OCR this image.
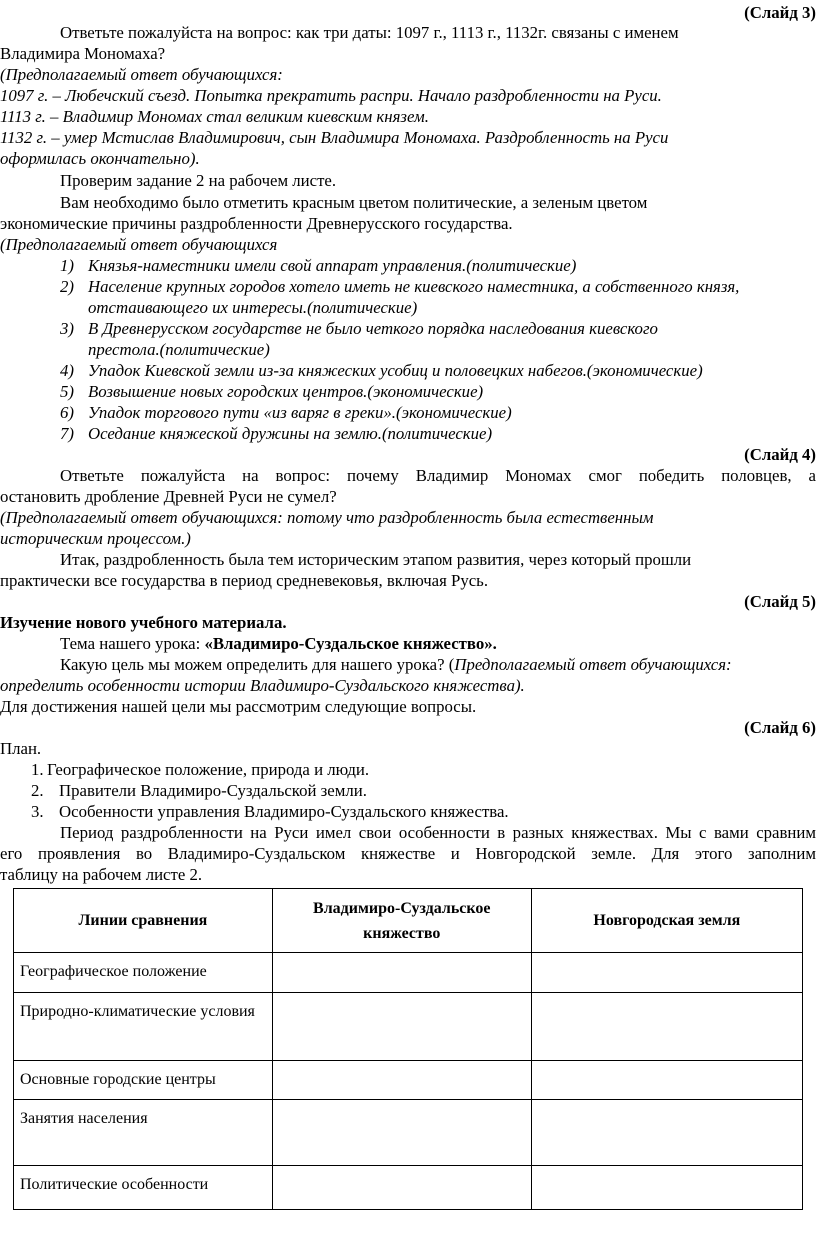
(Слайд 3)
Ответьте пожалуйста на вопрос: как три даты: 1097 г., 1113 г., 1132г. связаны с именем
Владимира Мономаха?
(Предполагаемый ответ обучающихся:
1097 г. – Любечский съезд. Попытка прекратить распри. Начало раздробленности на Руси.
1113 г. – Владимир Мономах стал великим киевским князем.
1132 г. – умер Мстислав Владимирович, сын Владимира Мономаха. Раздробленность на Руси
оформилась окончательно).
Проверим задание 2 на рабочем листе.
Вам необходимо было отметить красным цветом политические, а зеленым цветом
экономические причины раздробленности Древнерусского государства.
(Предполагаемый ответ обучающихся
1) Князья-наместники имели свой аппарат управления.(политические)
2) Население крупных городов хотело иметь не киевского наместника, а собственного князя,
отстаивающего их интересы.(политические)
3) В Древнерусском государстве не было четкого порядка наследования киевского
престола.(политические)
4) Упадок Киевской земли из-за княжеских усобиц и половецких набегов.(экономические)
5) Возвышение новых городских центров.(экономические)
6) Упадок торгового пути «из варяг в греки».(экономические)
7) Оседание княжеской дружины на землю.(политические)
(Слайд 4)
Ответьте пожалуйста на вопрос: почему Владимир Мономах смог победить половцев, а
остановить дробление Древней Руси не сумел?
(Предполагаемый ответ обучающихся: потому что раздробленность была естественным
историческим процессом.)
Итак, раздробленность была тем историческим этапом развития, через который прошли
практически все государства в период средневековья, включая Русь.
(Слайд 5)
Изучение нового учебного материала.
Тема нашего урока: «Владимиро-Суздальское княжество».
Какую цель мы можем определить для нашего урока? (Предполагаемый ответ обучающихся:
определить особенности истории Владимиро-Суздальского княжества).
Для достижения нашей цели мы рассмотрим следующие вопросы.
(Слайд 6)
План.
1. Географическое положение, природа и люди.
2. Правители Владимиро-Суздальской земли.
3. Особенности управления Владимиро-Суздальского княжества.
Период раздробленности на Руси имел свои особенности в разных княжествах. Мы с вами сравним
его проявления во Владимиро-Суздальском княжестве и Новгородской земле. Для этого заполним
таблицу на рабочем листе 2.
Линии сравнения	Владимиро-Суздальское княжество	Новгородская земля
Географическое положение		
Природно-климатические условия		
Основные городские центры		
Занятия населения		
Политические особенности		
